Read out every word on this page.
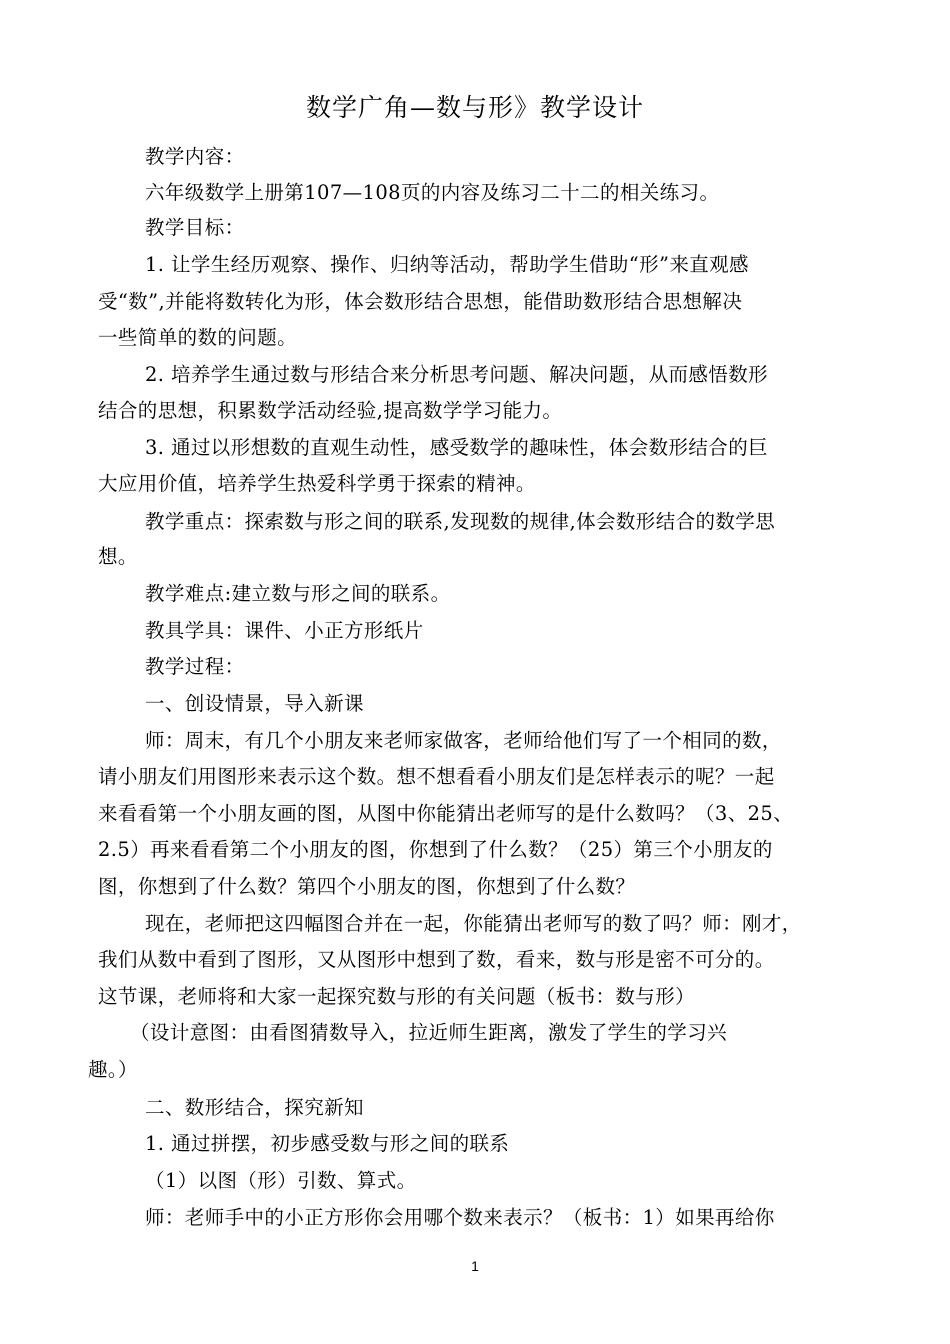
数学广角—数与形》教学设计
教学内容：
六年级数学上册第107—108页的内容及练习二十二的相关练习。
教学目标：
1. 让学生经历观察、操作、归纳等活动，帮助学生借助“形”来直观感
受“数”,并能将数转化为形，体会数形结合思想，能借助数形结合思想解决
一些简单的数的问题。
2. 培养学生通过数与形结合来分析思考问题、解决问题，从而感悟数形
结合的思想，积累数学活动经验,提高数学学习能力。
3. 通过以形想数的直观生动性，感受数学的趣味性，体会数形结合的巨
大应用价值，培养学生热爱科学勇于探索的精神。
教学重点：探索数与形之间的联系,发现数的规律,体会数形结合的数学思
想。
教学难点:建立数与形之间的联系。
教具学具：课件、小正方形纸片
教学过程：
一、创设情景，导入新课
师：周末，有几个小朋友来老师家做客，老师给他们写了一个相同的数，
请小朋友们用图形来表示这个数。想不想看看小朋友们是怎样表示的呢？一起
来看看第一个小朋友画的图，从图中你能猜出老师写的是什么数吗？（3、25、
2.5）再来看看第二个小朋友的图，你想到了什么数？（25）第三个小朋友的
图，你想到了什么数？第四个小朋友的图，你想到了什么数？
现在，老师把这四幅图合并在一起，你能猜出老师写的数了吗？师：刚才，
我们从数中看到了图形，又从图形中想到了数，看来，数与形是密不可分的。
这节课，老师将和大家一起探究数与形的有关问题（板书：数与形）
（设计意图：由看图猜数导入，拉近师生距离，激发了学生的学习兴
趣。）
二、数形结合，探究新知
1. 通过拼摆，初步感受数与形之间的联系
（1）以图（形）引数、算式。
师：老师手中的小正方形你会用哪个数来表示？（板书：1）如果再给你
1
